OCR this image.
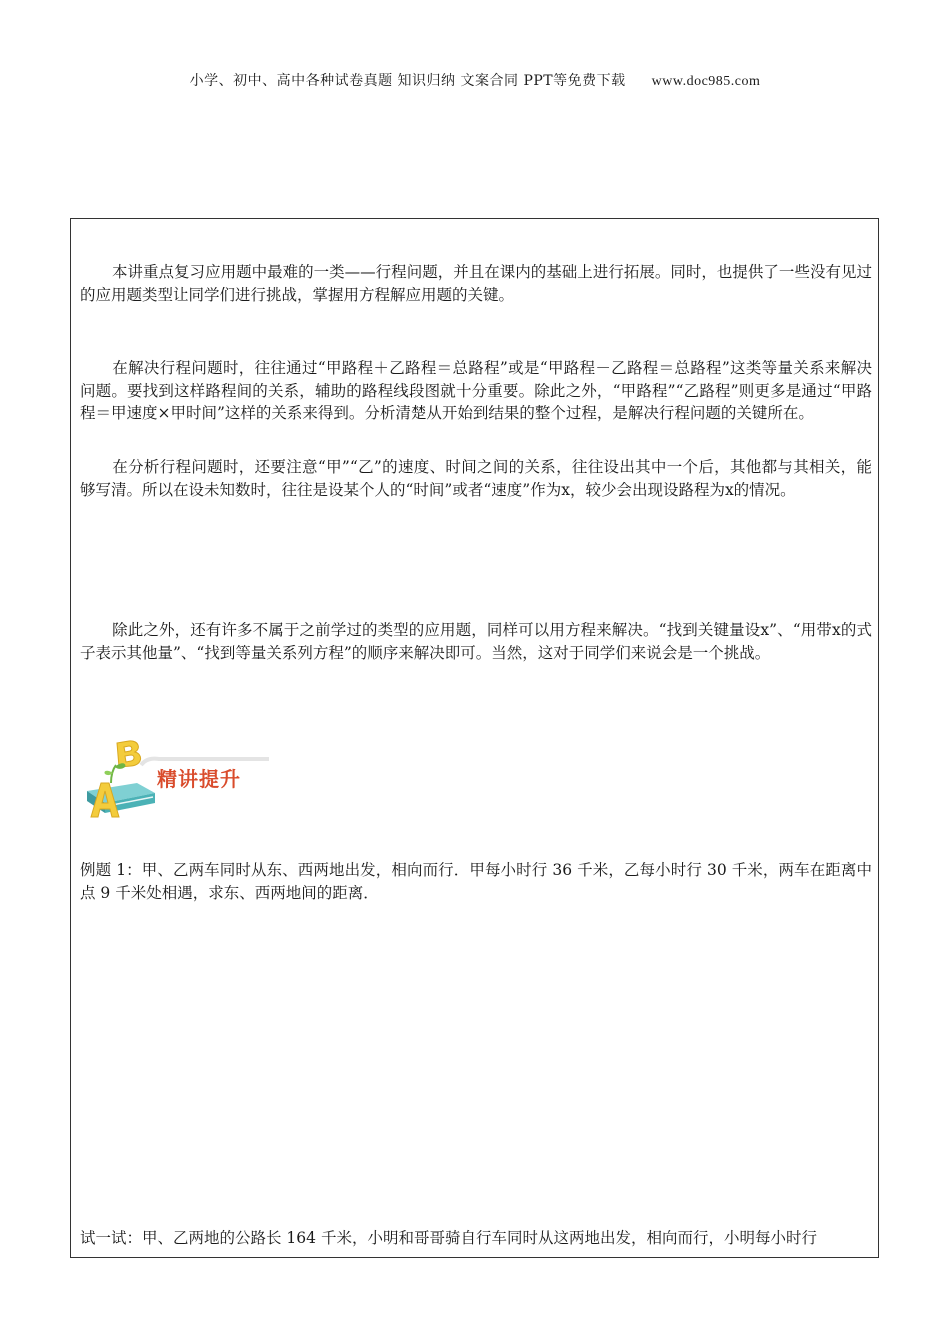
小学、初中、高中各种试卷真题 知识归纳 文案合同 PPT等免费下载 www.doc985.com

本讲重点复习应用题中最难的一类——行程问题，并且在课内的基础上进行拓展。同时，也提供了一些没有见过的应用题类型让同学们进行挑战，掌握用方程解应用题的关键。

在解决行程问题时，往往通过“甲路程＋乙路程＝总路程”或是“甲路程－乙路程＝总路程”这类等量关系来解决问题。要找到这样路程间的关系，辅助的路程线段图就十分重要。除此之外，“甲路程”“乙路程”则更多是通过“甲路程＝甲速度×甲时间”这样的关系来得到。分析清楚从开始到结果的整个过程，是解决行程问题的关键所在。

在分析行程问题时，还要注意“甲”“乙”的速度、时间之间的关系，往往设出其中一个后，其他都与其相关，能够写清。所以在设未知数时，往往是设某个人的“时间”或者“速度”作为x，较少会出现设路程为x的情况。

除此之外，还有许多不属于之前学过的类型的应用题，同样可以用方程来解决。“找到关键量设x”、“用带x的式子表示其他量”、“找到等量关系列方程”的顺序来解决即可。当然，这对于同学们来说会是一个挑战。

精讲提升

例题 1：甲、乙两车同时从东、西两地出发，相向而行．甲每小时行 36 千米，乙每小时行 30 千米，两车在距离中点 9 千米处相遇，求东、西两地间的距离．

试一试：甲、乙两地的公路长 164 千米，小明和哥哥骑自行车同时从这两地出发，相向而行，小明每小时行
